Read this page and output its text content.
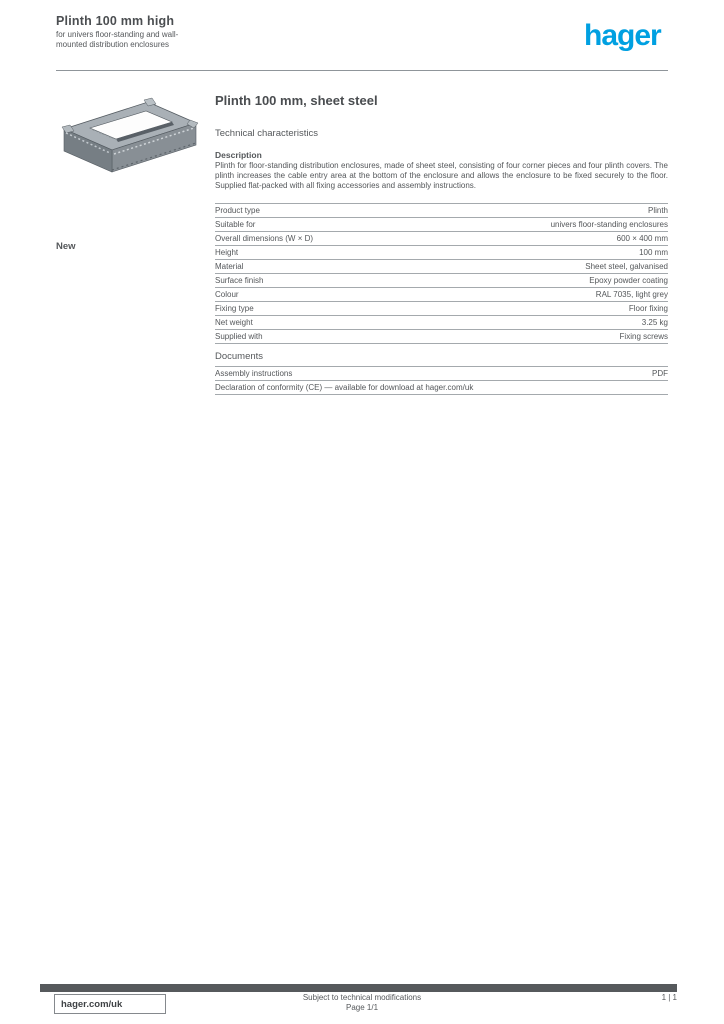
Plinth 100 mm high
for univers floor-standing and wall-mounted distribution enclosures	hager
New
Plinth 100 mm, sheet steel
Technical characteristics
Description
Plinth for floor-standing distribution enclosures, made of sheet steel, consisting of four corner pieces and four plinth covers. The plinth increases the cable entry area at the bottom of the enclosure and allows the enclosure to be fixed securely to the floor. Supplied flat-packed with all fixing accessories and assembly instructions.
Product type	Plinth
Suitable for	univers floor-standing enclosures
Overall dimensions (W × D)	600 × 400 mm
Height	100 mm
Material	Sheet steel, galvanised
Surface finish	Epoxy powder coating
Colour	RAL 7035, light grey
Fixing type	Floor fixing
Net weight	3.25 kg
Supplied with	Fixing screws
Documents
Assembly instructions	PDF
Declaration of conformity (CE) — available for download at hager.com/uk
hager.com/uk
Subject to technical modifications
Page 1/1
1 | 1
